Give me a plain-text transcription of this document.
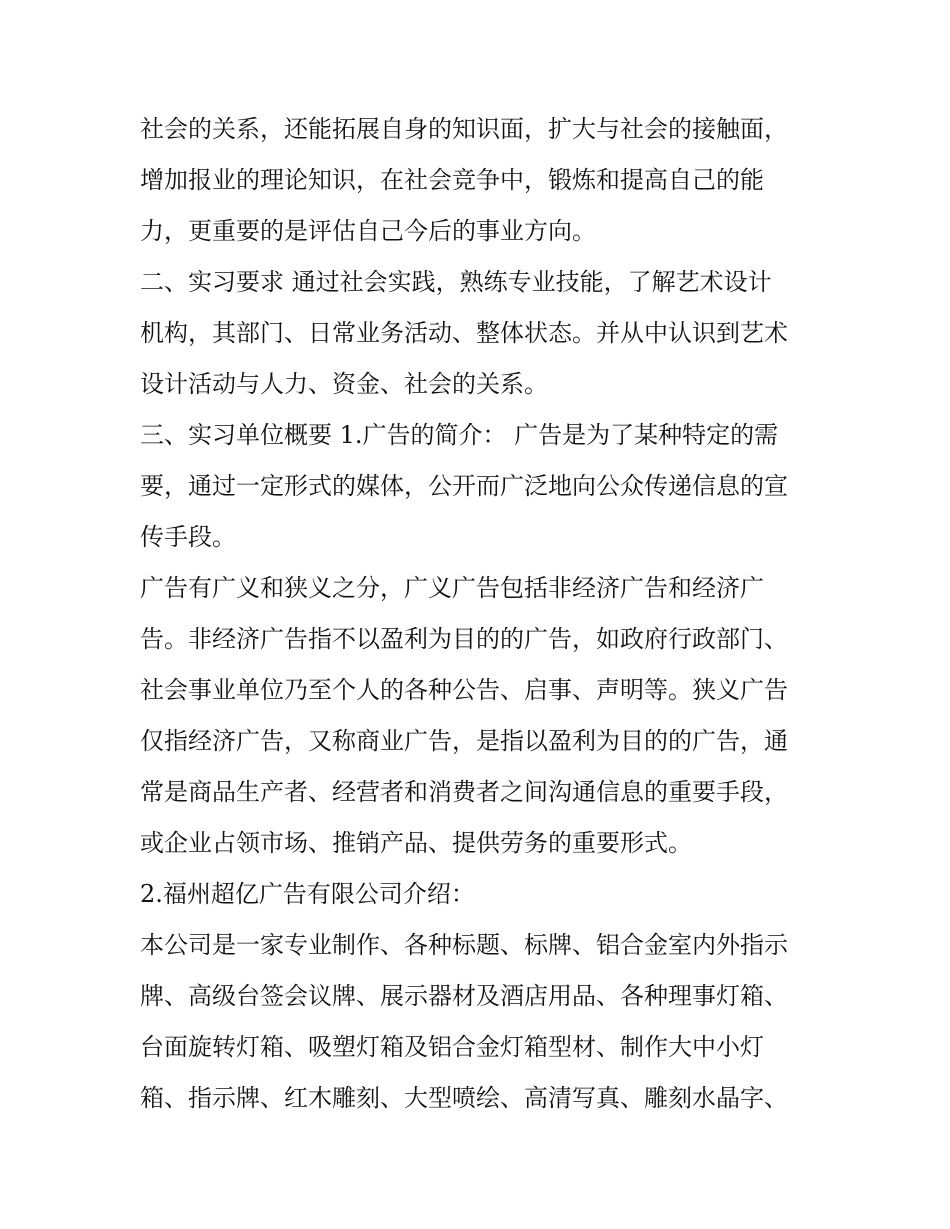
社会的关系，还能拓展自身的知识面，扩大与社会的接触面，
增加报业的理论知识，在社会竞争中，锻炼和提高自己的能
力，更重要的是评估自己今后的事业方向。
二、实习要求 通过社会实践，熟练专业技能，了解艺术设计
机构，其部门、日常业务活动、整体状态。并从中认识到艺术
设计活动与人力、资金、社会的关系。
三、实习单位概要 1.广告的简介： 广告是为了某种特定的需
要，通过一定形式的媒体，公开而广泛地向公众传递信息的宣
传手段。
广告有广义和狭义之分，广义广告包括非经济广告和经济广
告。非经济广告指不以盈利为目的的广告，如政府行政部门、
社会事业单位乃至个人的各种公告、启事、声明等。狭义广告
仅指经济广告，又称商业广告，是指以盈利为目的的广告，通
常是商品生产者、经营者和消费者之间沟通信息的重要手段，
或企业占领市场、推销产品、提供劳务的重要形式。
2.福州超亿广告有限公司介绍：
本公司是一家专业制作、各种标题、标牌、铝合金室内外指示
牌、高级台签会议牌、展示器材及酒店用品、各种理事灯箱、
台面旋转灯箱、吸塑灯箱及铝合金灯箱型材、制作大中小灯
箱、指示牌、红木雕刻、大型喷绘、高清写真、雕刻水晶字、
